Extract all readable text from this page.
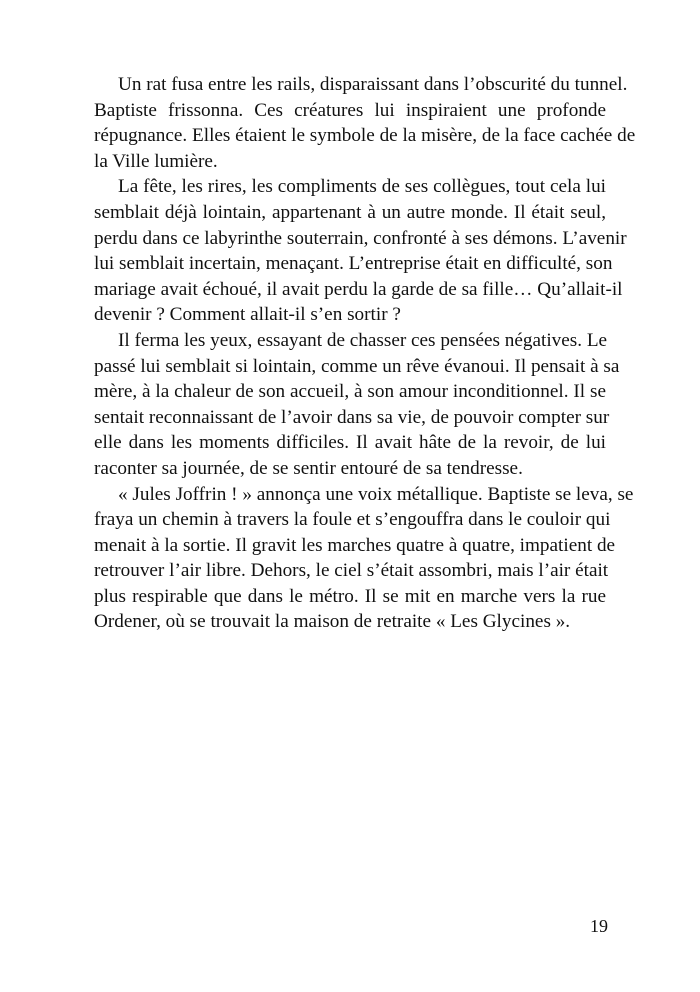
Un rat fusa entre les rails, disparaissant dans l’obscurité du tunnel.
Baptiste frissonna. Ces créatures lui inspiraient une profonde
répugnance. Elles étaient le symbole de la misère, de la face cachée de
la Ville lumière.
La fête, les rires, les compliments de ses collègues, tout cela lui
semblait déjà lointain, appartenant à un autre monde. Il était seul,
perdu dans ce labyrinthe souterrain, confronté à ses démons. L’avenir
lui semblait incertain, menaçant. L’entreprise était en difficulté, son
mariage avait échoué, il avait perdu la garde de sa fille… Qu’allait-il
devenir ? Comment allait-il s’en sortir ?
Il ferma les yeux, essayant de chasser ces pensées négatives. Le
passé lui semblait si lointain, comme un rêve évanoui. Il pensait à sa
mère, à la chaleur de son accueil, à son amour inconditionnel. Il se
sentait reconnaissant de l’avoir dans sa vie, de pouvoir compter sur
elle dans les moments difficiles. Il avait hâte de la revoir, de lui
raconter sa journée, de se sentir entouré de sa tendresse.
« Jules Joffrin ! » annonça une voix métallique. Baptiste se leva, se
fraya un chemin à travers la foule et s’engouffra dans le couloir qui
menait à la sortie. Il gravit les marches quatre à quatre, impatient de
retrouver l’air libre. Dehors, le ciel s’était assombri, mais l’air était
plus respirable que dans le métro. Il se mit en marche vers la rue
Ordener, où se trouvait la maison de retraite « Les Glycines ».
19
